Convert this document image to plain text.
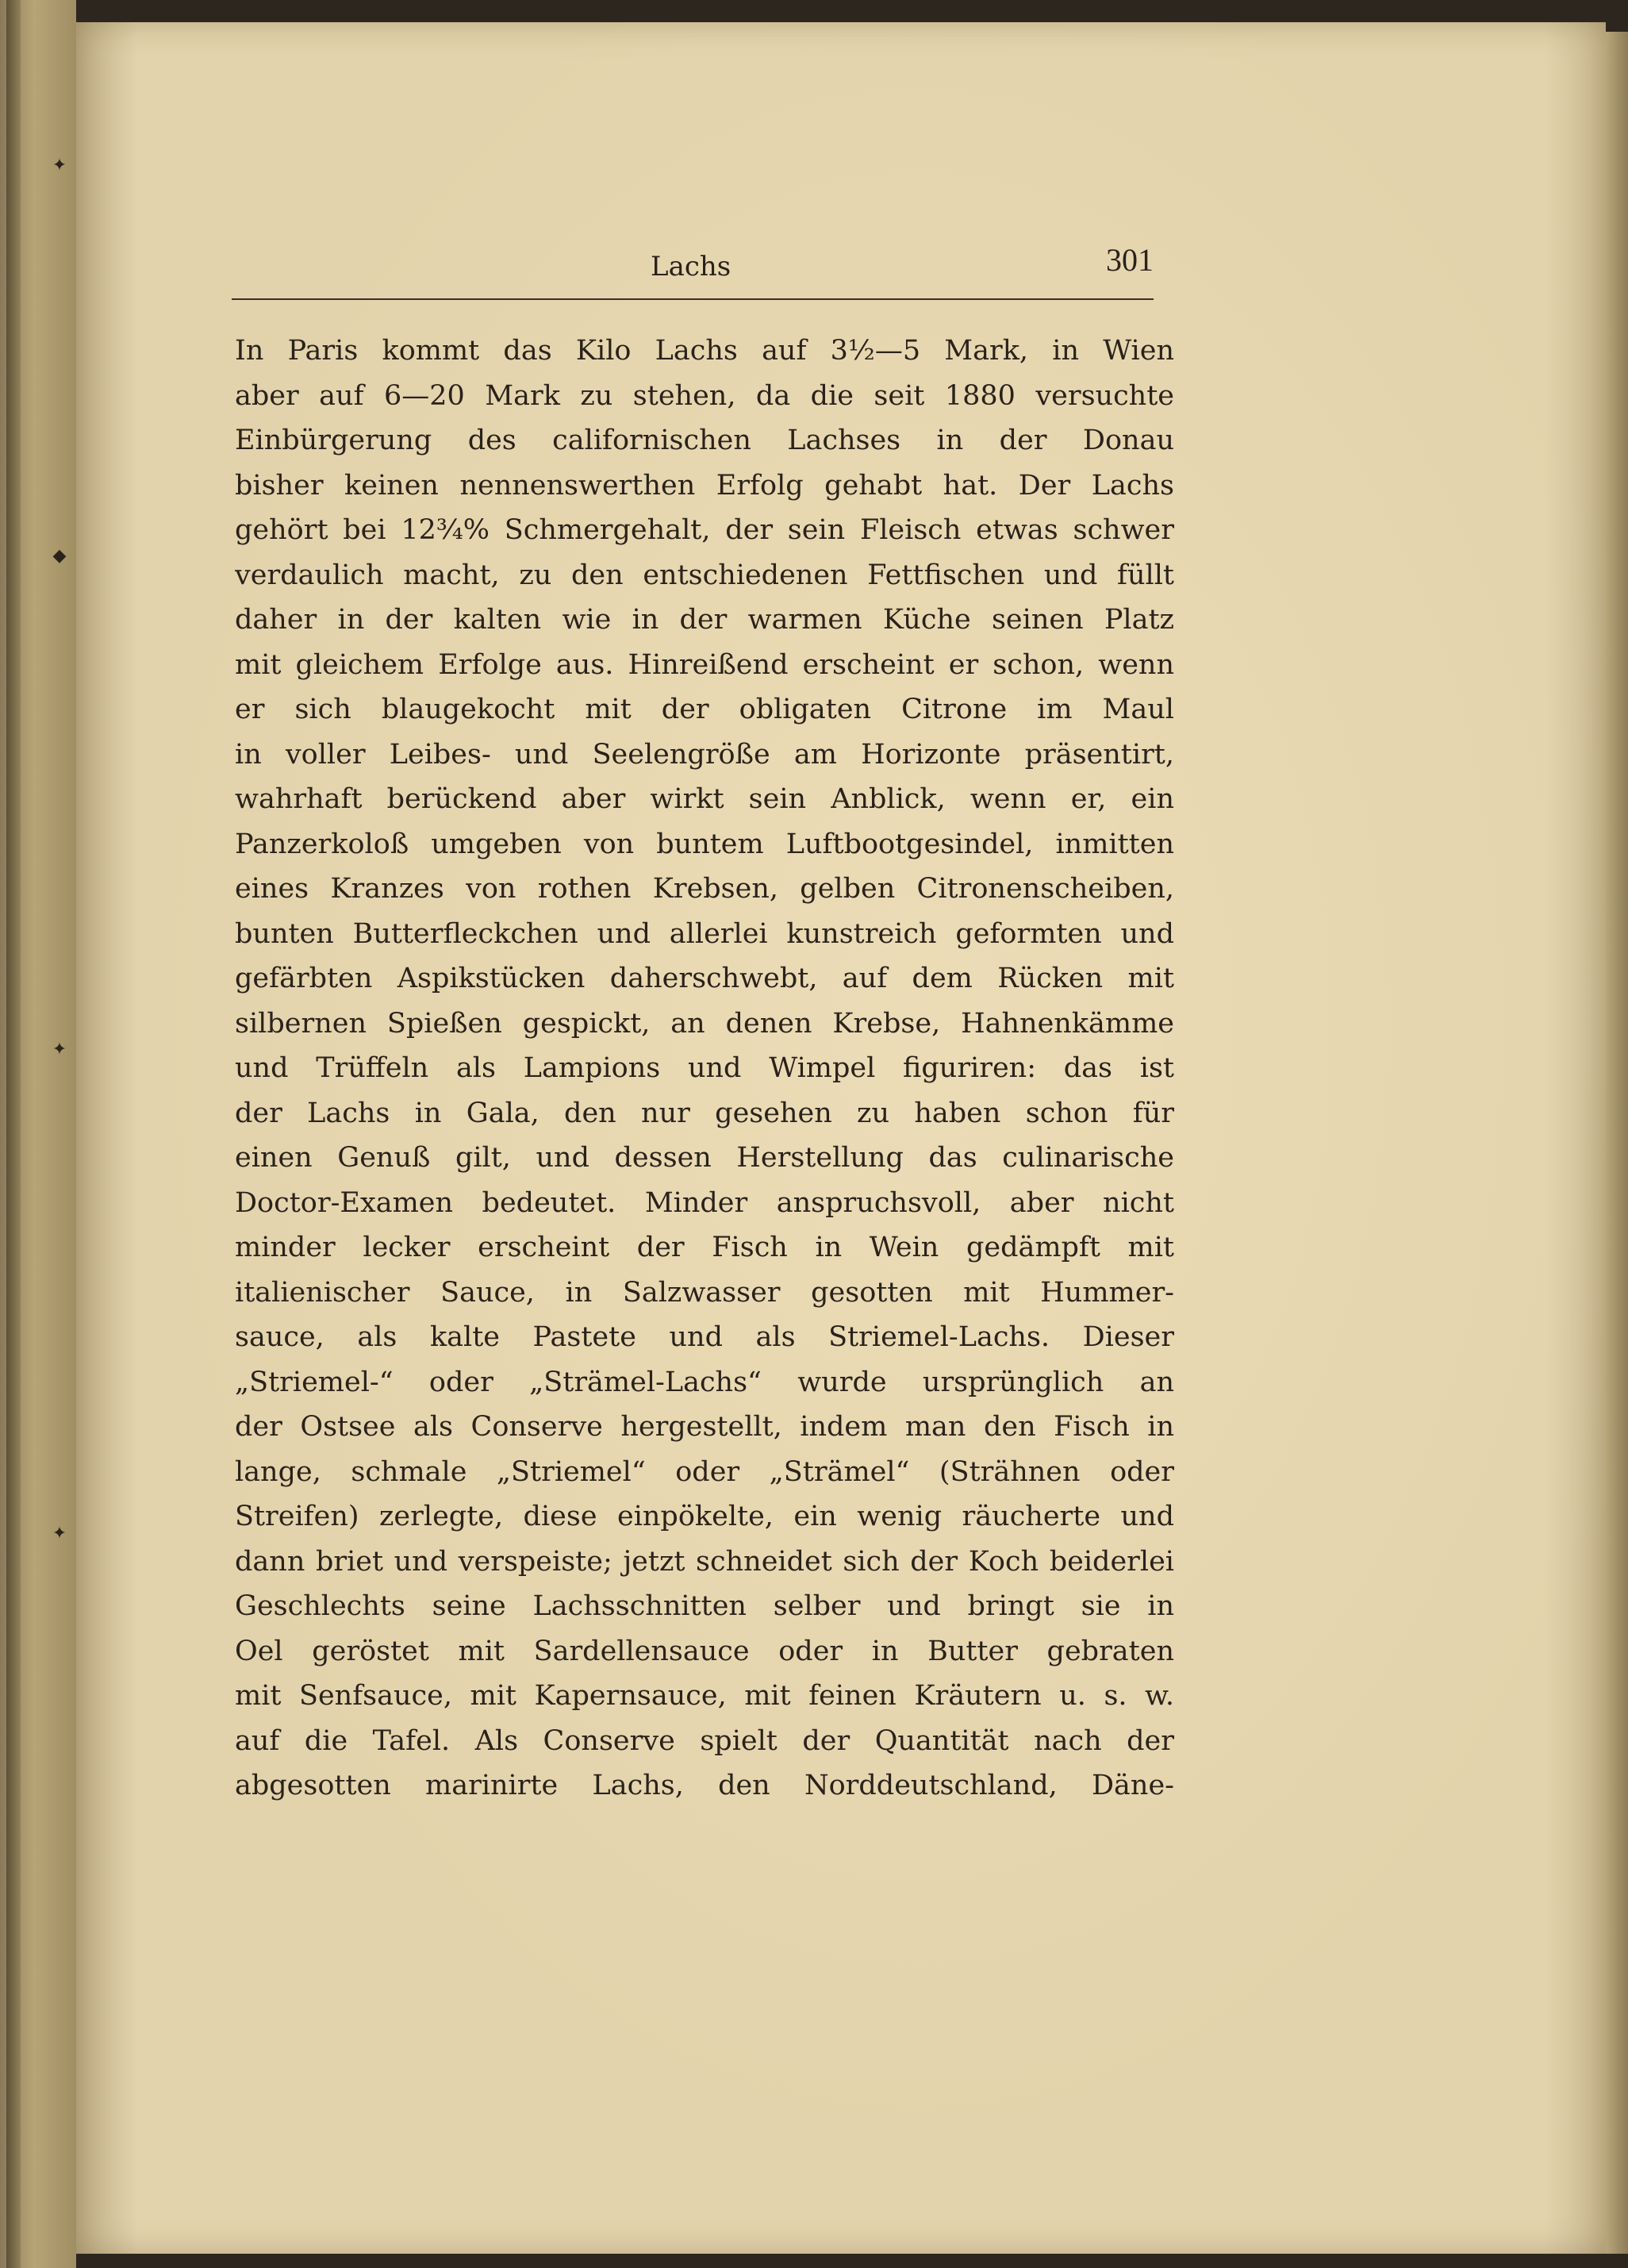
✦
◆
✦
✦
Lachs	301
In Paris kommt das Kilo Lachs auf 3½—5 Mark, in Wien
aber auf 6—20 Mark zu stehen, da die seit 1880 versuchte
Einbürgerung des californischen Lachses in der Donau
bisher keinen nennenswerthen Erfolg gehabt hat. Der Lachs
gehört bei 12¾% Schmergehalt, der sein Fleisch etwas schwer
verdaulich macht, zu den entschiedenen Fettfischen und füllt
daher in der kalten wie in der warmen Küche seinen Platz
mit gleichem Erfolge aus. Hinreißend erscheint er schon, wenn
er sich blaugekocht mit der obligaten Citrone im Maul
in voller Leibes- und Seelengröße am Horizonte präsentirt,
wahrhaft berückend aber wirkt sein Anblick, wenn er, ein
Panzerkoloß umgeben von buntem Luftbootgesindel, inmitten
eines Kranzes von rothen Krebsen, gelben Citronenscheiben,
bunten Butterfleckchen und allerlei kunstreich geformten und
gefärbten Aspikstücken daherschwebt, auf dem Rücken mit
silbernen Spießen gespickt, an denen Krebse, Hahnenkämme
und Trüffeln als Lampions und Wimpel figuriren: das ist
der Lachs in Gala, den nur gesehen zu haben schon für
einen Genuß gilt, und dessen Herstellung das culinarische
Doctor-Examen bedeutet. Minder anspruchsvoll, aber nicht
minder lecker erscheint der Fisch in Wein gedämpft mit
italienischer Sauce, in Salzwasser gesotten mit Hummer-
sauce, als kalte Pastete und als Striemel-Lachs. Dieser
„Striemel-“ oder „Strämel-Lachs“ wurde ursprünglich an
der Ostsee als Conserve hergestellt, indem man den Fisch in
lange, schmale „Striemel“ oder „Strämel“ (Strähnen oder
Streifen) zerlegte, diese einpökelte, ein wenig räucherte und
dann briet und verspeiste; jetzt schneidet sich der Koch beiderlei
Geschlechts seine Lachsschnitten selber und bringt sie in
Oel geröstet mit Sardellensauce oder in Butter gebraten
mit Senfsauce, mit Kapernsauce, mit feinen Kräutern u. s. w.
auf die Tafel. Als Conserve spielt der Quantität nach der
abgesotten marinirte Lachs, den Norddeutschland, Däne-
